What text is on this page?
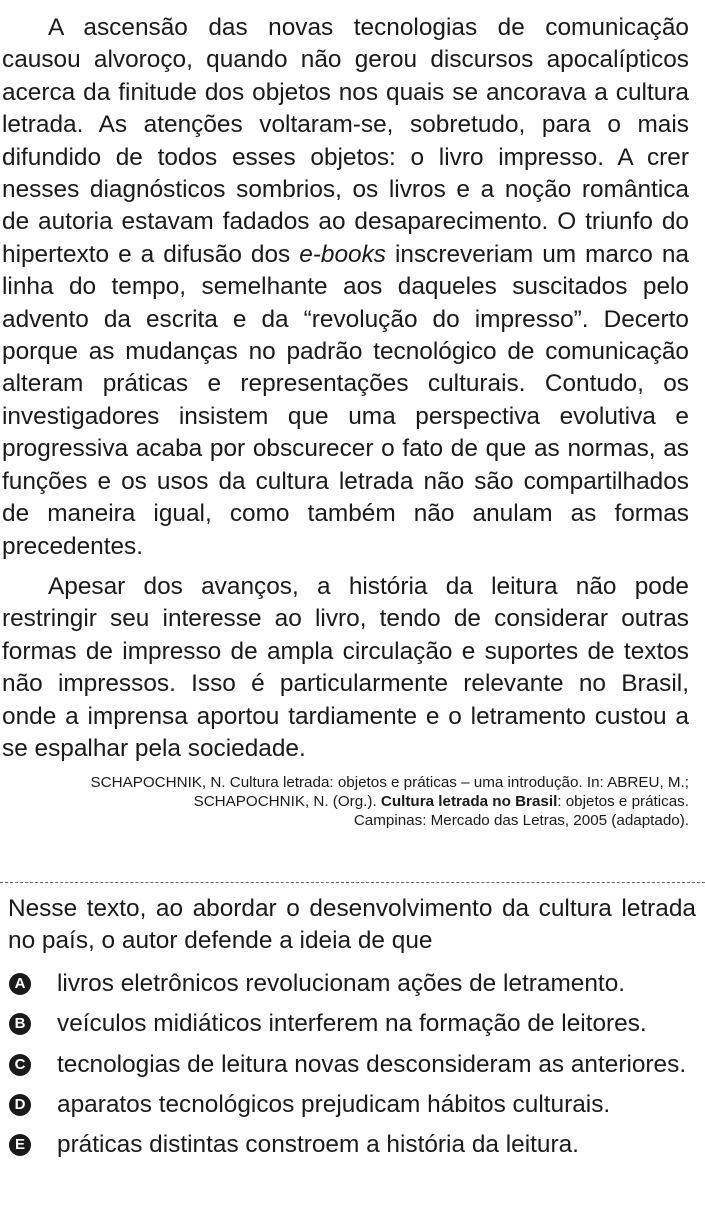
A ascensão das novas tecnologias de comunicação causou alvoroço, quando não gerou discursos apocalípticos acerca da finitude dos objetos nos quais se ancorava a cultura letrada. As atenções voltaram-se, sobretudo, para o mais difundido de todos esses objetos: o livro impresso. A crer nesses diagnósticos sombrios, os livros e a noção romântica de autoria estavam fadados ao desaparecimento. O triunfo do hipertexto e a difusão dos e-books inscreveriam um marco na linha do tempo, semelhante aos daqueles suscitados pelo advento da escrita e da “revolução do impresso”. Decerto porque as mudanças no padrão tecnológico de comunicação alteram práticas e representações culturais. Contudo, os investigadores insistem que uma perspectiva evolutiva e progressiva acaba por obscurecer o fato de que as normas, as funções e os usos da cultura letrada não são compartilhados de maneira igual, como também não anulam as formas precedentes.

Apesar dos avanços, a história da leitura não pode restringir seu interesse ao livro, tendo de considerar outras formas de impresso de ampla circulação e suportes de textos não impressos. Isso é particularmente relevante no Brasil, onde a imprensa aportou tardiamente e o letramento custou a se espalhar pela sociedade.

SCHAPOCHNIK, N. Cultura letrada: objetos e práticas – uma introdução. In: ABREU, M.;
SCHAPOCHNIK, N. (Org.). Cultura letrada no Brasil: objetos e práticas.
Campinas: Mercado das Letras, 2005 (adaptado).

Nesse texto, ao abordar o desenvolvimento da cultura letrada no país, o autor defende a ideia de que

A livros eletrônicos revolucionam ações de letramento.
B veículos midiáticos interferem na formação de leitores.
C tecnologias de leitura novas desconsideram as anteriores.
D aparatos tecnológicos prejudicam hábitos culturais.
E práticas distintas constroem a história da leitura.
